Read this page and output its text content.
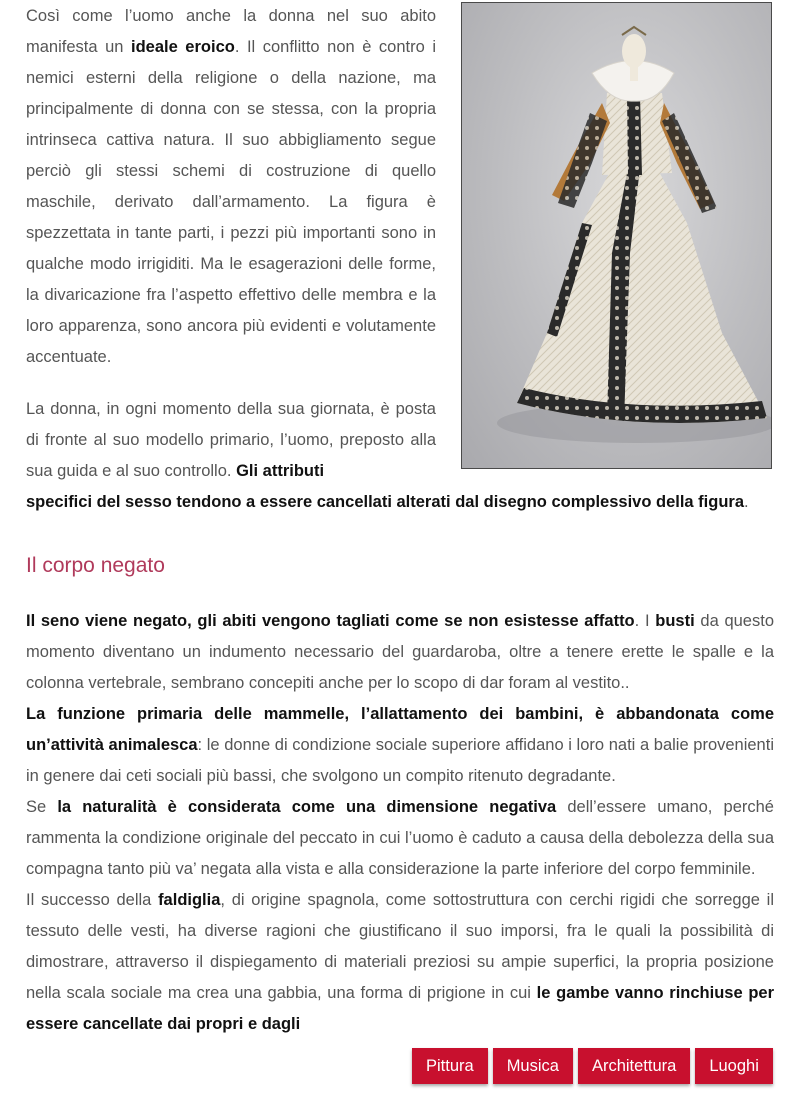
Così come l’uomo anche la donna nel suo abito manifesta un ideale eroico. Il conflitto non è contro i nemici esterni della religione o della nazione, ma principalmente di donna con se stessa, con la propria intrinseca cattiva natura. Il suo abbigliamento segue perciò gli stessi schemi di costruzione di quello maschile, derivato dall’armamento. La figura è spezzettata in tante parti, i pezzi più importanti sono in qualche modo irrigiditi. Ma le esagerazioni delle forme, la divaricazione fra l’aspetto effettivo delle membra e la loro apparenza, sono ancora più evidenti e volutamente accentuate.

La donna, in ogni momento della sua giornata, è posta di fronte al suo modello primario, l’uomo, preposto alla sua guida e al suo controllo. Gli attributi
specifici del sesso tendono a essere cancellati alterati dal disegno complessivo della figura.

Il corpo negato

Il seno viene negato, gli abiti vengono tagliati come se non esistesse affatto. I busti da questo momento diventano un indumento necessario del guardaroba, oltre a tenere erette le spalle e la colonna vertebrale, sembrano concepiti anche per lo scopo di dar foram al vestito..

La funzione primaria delle mammelle, l’allattamento dei bambini, è abbandonata come un’attività animalesca: le donne di condizione sociale superiore affidano i loro nati a balie provenienti in genere dai ceti sociali più bassi, che svolgono un compito ritenuto degradante.

Se la naturalità è considerata come una dimensione negativa dell’essere umano, perché rammenta la condizione originale del peccato in cui l’uomo è caduto a causa della debolezza della sua compagna tanto più va’ negata alla vista e alla considerazione la parte inferiore del corpo femminile.

Il successo della faldiglia, di origine spagnola, come sottostruttura con cerchi rigidi che sorregge il tessuto delle vesti, ha diverse ragioni che giustificano il suo imporsi, fra le quali la possibilità di dimostrare, attraverso il dispiegamento di materiali preziosi su ampie superfici, la propria posizione nella scala sociale ma crea una gabbia, una forma di prigione in cui le gambe vanno rinchiuse per essere cancellate dai propri e dagli

Pittura	Musica	Architettura	Luoghi
